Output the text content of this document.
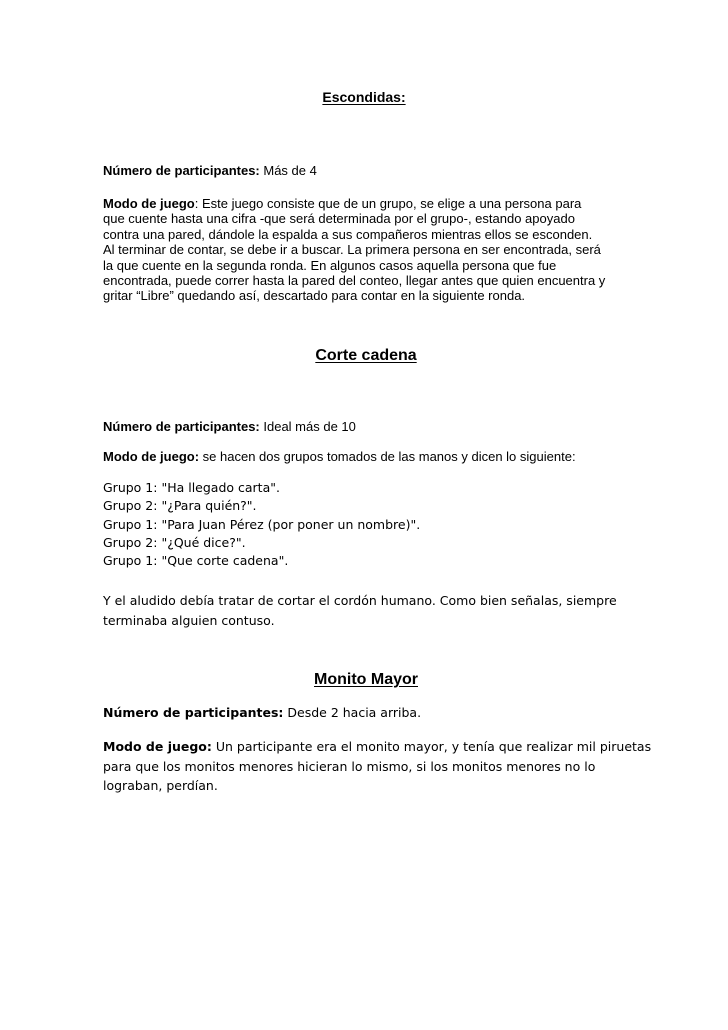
Escondidas:
Número de participantes: Más de 4
Modo de juego: Este juego consiste que de un grupo, se elige a una persona para
que cuente hasta una cifra -que será determinada por el grupo-, estando apoyado
contra una pared, dándole la espalda a sus compañeros mientras ellos se esconden.
Al terminar de contar, se debe ir a buscar. La primera persona en ser encontrada, será
la que cuente en la segunda ronda. En algunos casos aquella persona que fue
encontrada, puede correr hasta la pared del conteo, llegar antes que quien encuentra y
gritar “Libre” quedando así, descartado para contar en la siguiente ronda.
Corte cadena
Número de participantes: Ideal más de 10
Modo de juego: se hacen dos grupos tomados de las manos y dicen lo siguiente:
Grupo 1: "Ha llegado carta".
Grupo 2: "¿Para quién?".
Grupo 1: "Para Juan Pérez (por poner un nombre)".
Grupo 2: "¿Qué dice?".
Grupo 1: "Que corte cadena".
Y el aludido debía tratar de cortar el cordón humano. Como bien señalas, siempre
terminaba alguien contuso.
Monito Mayor
Número de participantes: Desde 2 hacia arriba.
Modo de juego: Un participante era el monito mayor, y tenía que realizar mil piruetas
para que los monitos menores hicieran lo mismo, si los monitos menores no lo
lograban, perdían.
